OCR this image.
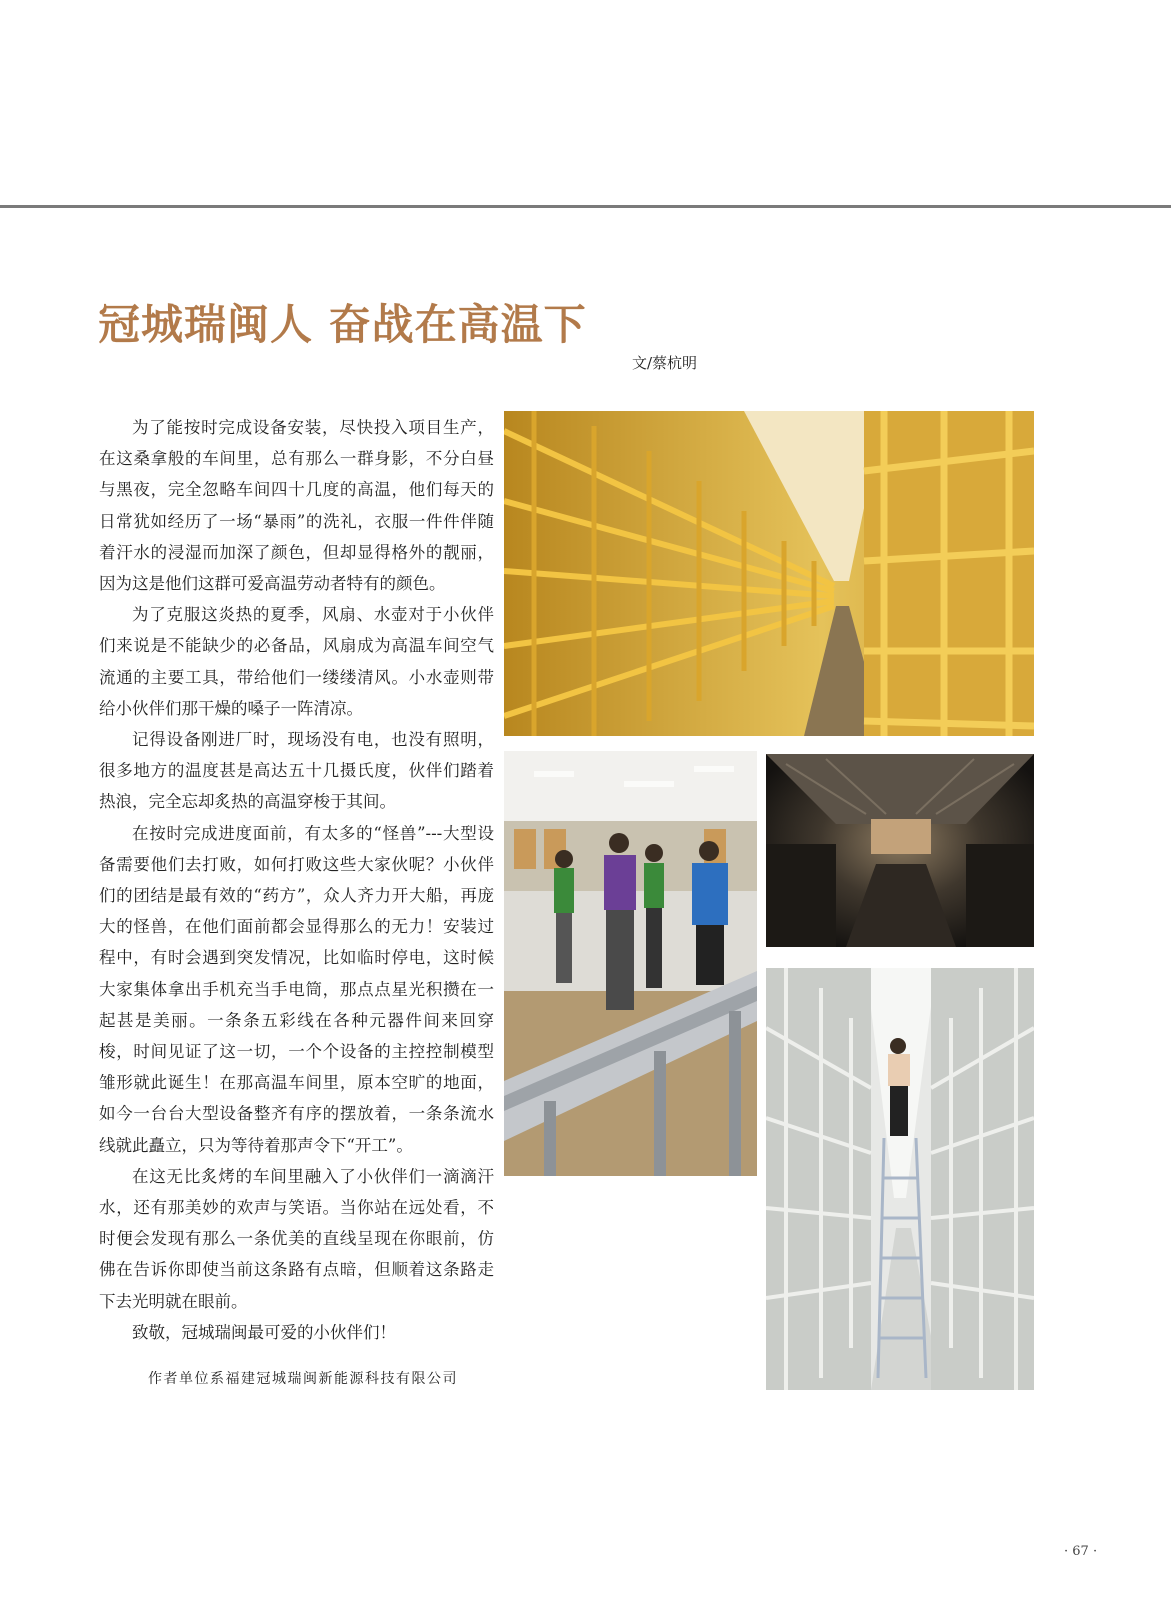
冠城瑞闽人 奋战在高温下
文/蔡杭明

为了能按时完成设备安装，尽快投入项目生产，在这桑拿般的车间里，总有那么一群身影，不分白昼与黑夜，完全忽略车间四十几度的高温，他们每天的日常犹如经历了一场“暴雨”的洗礼，衣服一件件伴随着汗水的浸湿而加深了颜色，但却显得格外的靓丽，因为这是他们这群可爱高温劳动者特有的颜色。

为了克服这炎热的夏季，风扇、水壶对于小伙伴们来说是不能缺少的必备品，风扇成为高温车间空气流通的主要工具，带给他们一缕缕清风。小水壶则带给小伙伴们那干燥的嗓子一阵清凉。

记得设备刚进厂时，现场没有电，也没有照明，很多地方的温度甚是高达五十几摄氏度，伙伴们踏着热浪，完全忘却炙热的高温穿梭于其间。

在按时完成进度面前，有太多的“怪兽”---大型设备需要他们去打败，如何打败这些大家伙呢？小伙伴们的团结是最有效的“药方”，众人齐力开大船，再庞大的怪兽，在他们面前都会显得那么的无力！安装过程中，有时会遇到突发情况，比如临时停电，这时候大家集体拿出手机充当手电筒，那点点星光积攒在一起甚是美丽。一条条五彩线在各种元器件间来回穿梭，时间见证了这一切，一个个设备的主控控制模型雏形就此诞生！在那高温车间里，原本空旷的地面，如今一台台大型设备整齐有序的摆放着，一条条流水线就此矗立，只为等待着那声令下“开工”。

在这无比炙烤的车间里融入了小伙伴们一滴滴汗水，还有那美妙的欢声与笑语。当你站在远处看，不时便会发现有那么一条优美的直线呈现在你眼前，仿佛在告诉你即使当前这条路有点暗，但顺着这条路走下去光明就在眼前。

致敬，冠城瑞闽最可爱的小伙伴们！

作者单位系福建冠城瑞闽新能源科技有限公司
· 67 ·
